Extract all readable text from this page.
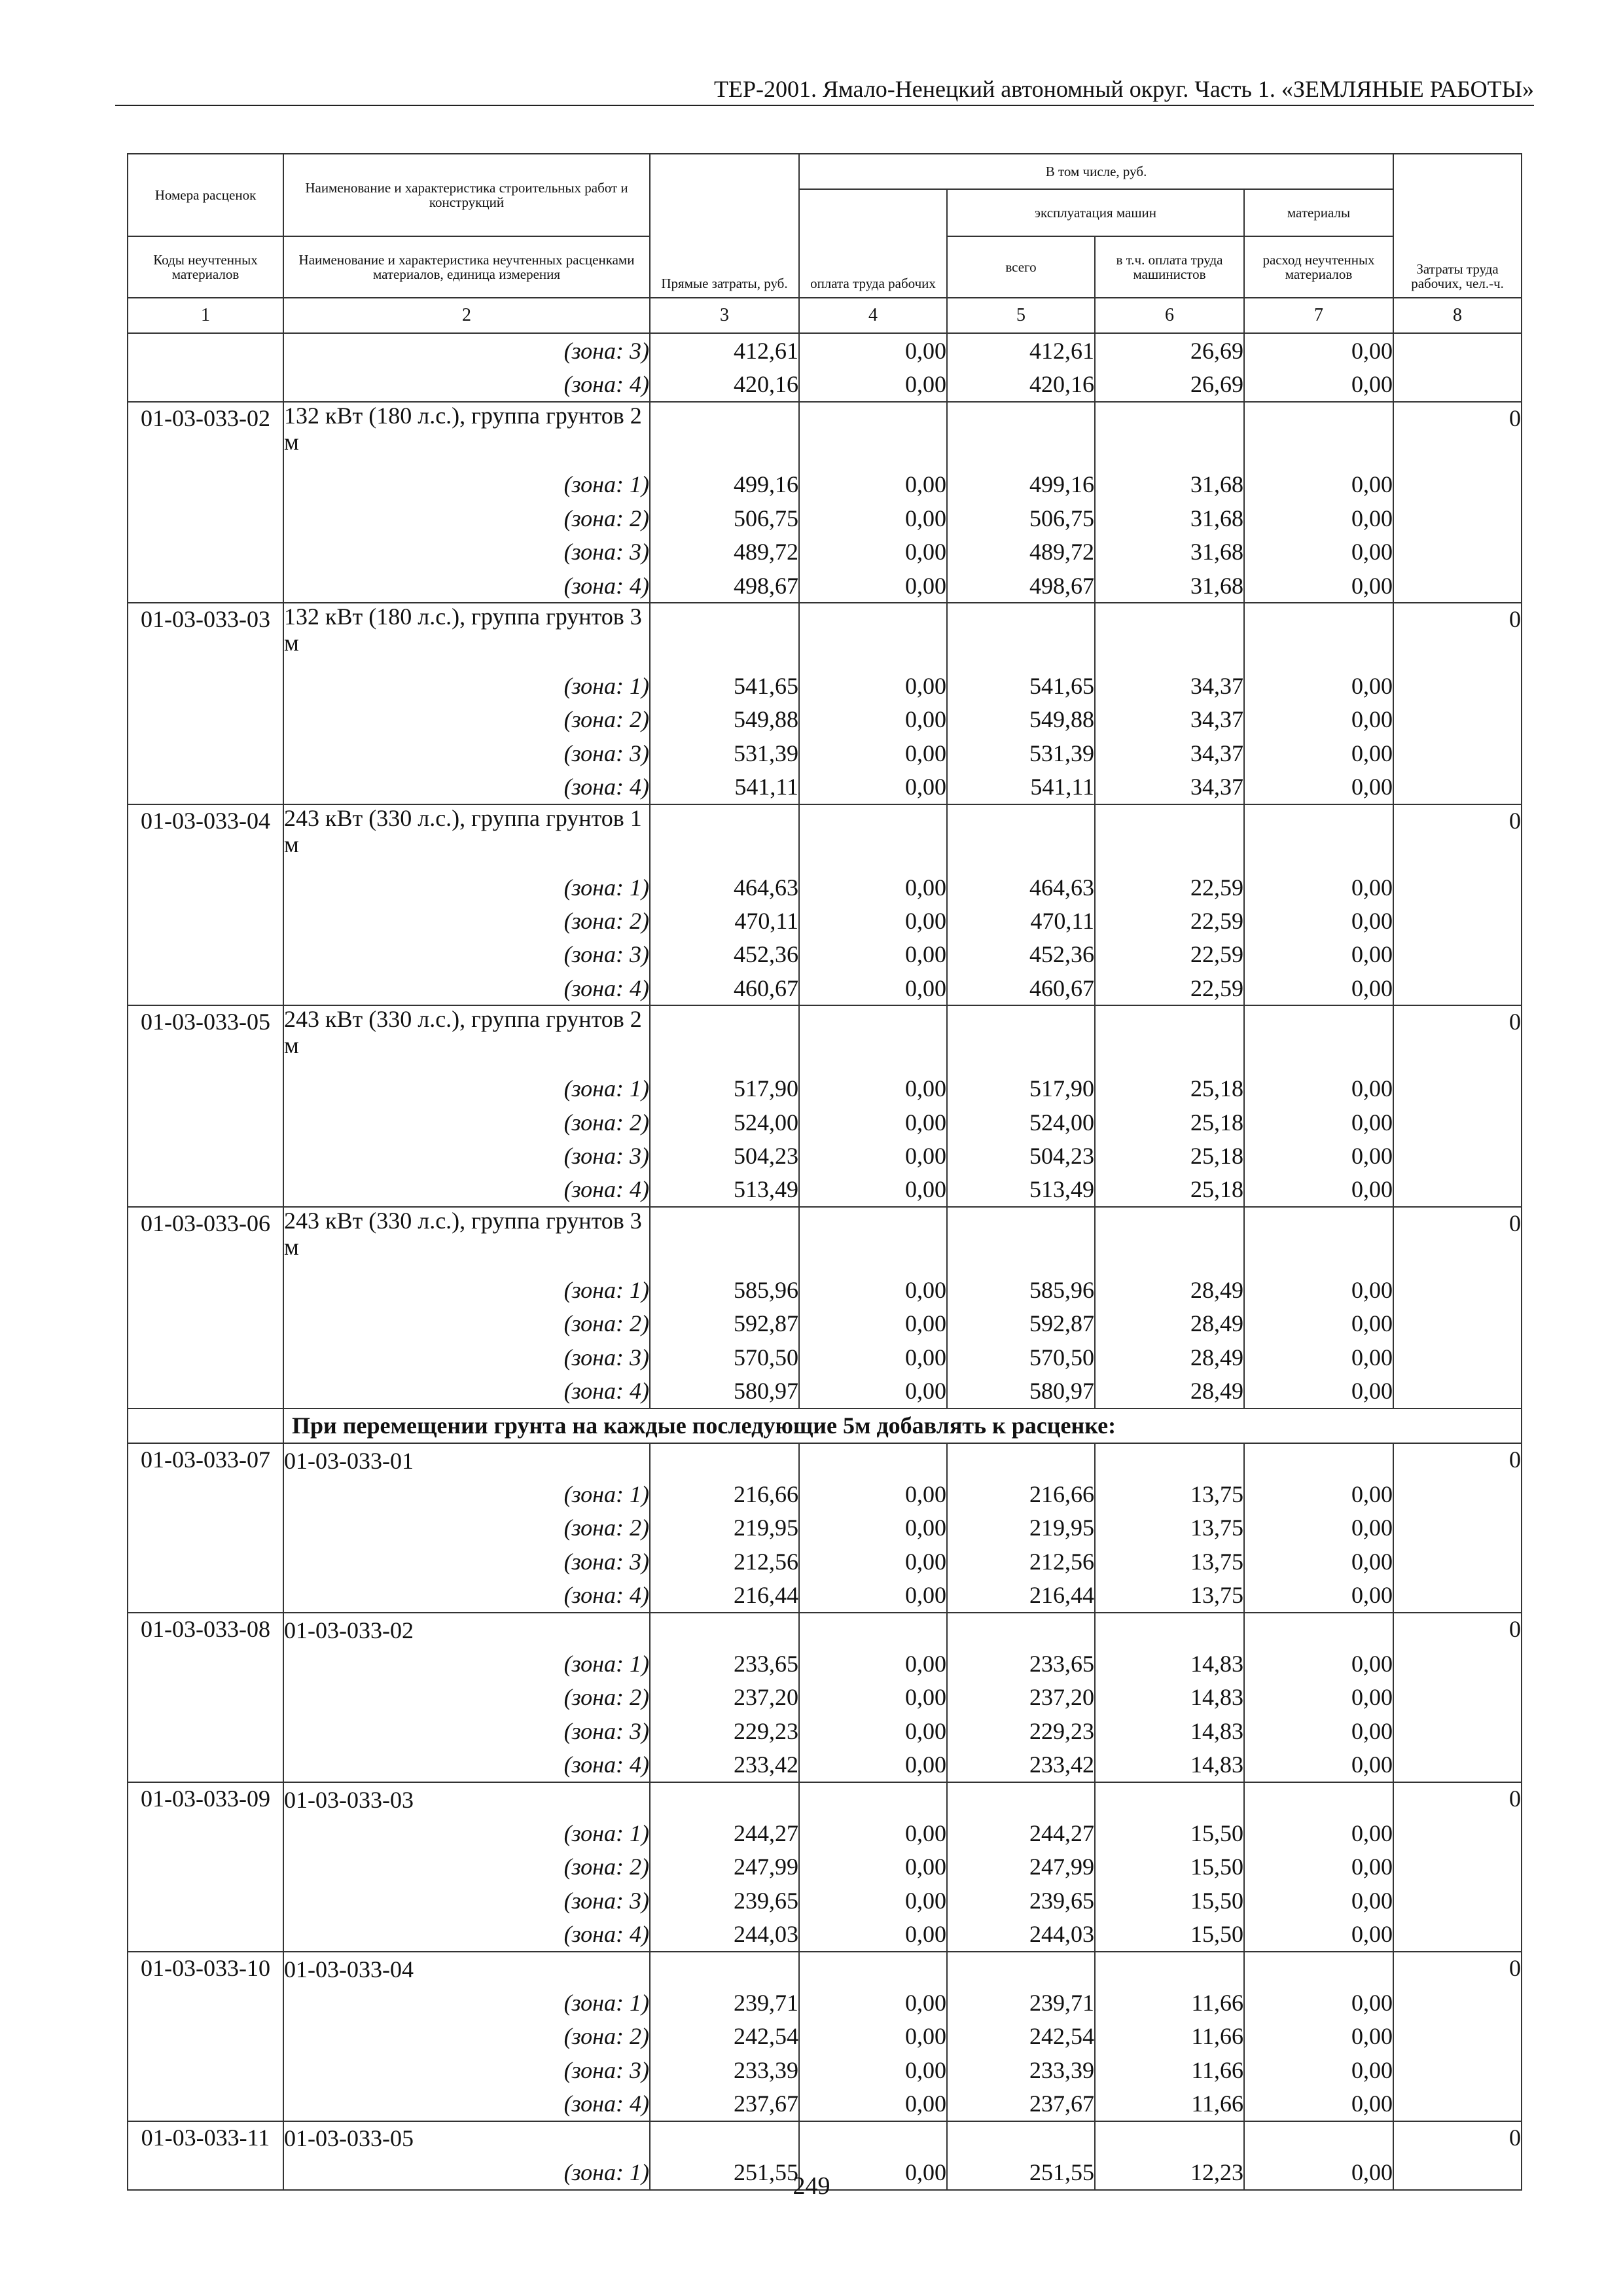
ТЕР-2001. Ямало-Ненецкий автономный округ. Часть 1. «ЗЕМЛЯНЫЕ РАБОТЫ»
Номера расценок	Наименование и характеристика строительных работ и конструкций	Прямые затраты, руб.	В том числе, руб.				Затраты труда рабочих, чел.-ч.
			оплата труда рабочих	эксплуатация машин		материалы	
Коды неучтенных материалов	Наименование и характеристика неучтенных расценками материалов, единица измерения			всего	в т.ч. оплата труда машинистов	расход неучтенных материалов	
1	2	3	4	5	6	7	8
	(зона: 3)	412,61	0,00	412,61	26,69	0,00	
	(зона: 4)	420,16	0,00	420,16	26,69	0,00	
01-03-033-02	132 кВт (180 л.с.), группа грунтов 2 м						0
	(зона: 1)	499,16	0,00	499,16	31,68	0,00	
	(зона: 2)	506,75	0,00	506,75	31,68	0,00	
	(зона: 3)	489,72	0,00	489,72	31,68	0,00	
	(зона: 4)	498,67	0,00	498,67	31,68	0,00	
01-03-033-03	132 кВт (180 л.с.), группа грунтов 3 м						0
	(зона: 1)	541,65	0,00	541,65	34,37	0,00	
	(зона: 2)	549,88	0,00	549,88	34,37	0,00	
	(зона: 3)	531,39	0,00	531,39	34,37	0,00	
	(зона: 4)	541,11	0,00	541,11	34,37	0,00	
01-03-033-04	243 кВт (330 л.с.), группа грунтов 1 м						0
	(зона: 1)	464,63	0,00	464,63	22,59	0,00	
	(зона: 2)	470,11	0,00	470,11	22,59	0,00	
	(зона: 3)	452,36	0,00	452,36	22,59	0,00	
	(зона: 4)	460,67	0,00	460,67	22,59	0,00	
01-03-033-05	243 кВт (330 л.с.), группа грунтов 2 м						0
	(зона: 1)	517,90	0,00	517,90	25,18	0,00	
	(зона: 2)	524,00	0,00	524,00	25,18	0,00	
	(зона: 3)	504,23	0,00	504,23	25,18	0,00	
	(зона: 4)	513,49	0,00	513,49	25,18	0,00	
01-03-033-06	243 кВт (330 л.с.), группа грунтов 3 м						0
	(зона: 1)	585,96	0,00	585,96	28,49	0,00	
	(зона: 2)	592,87	0,00	592,87	28,49	0,00	
	(зона: 3)	570,50	0,00	570,50	28,49	0,00	
	(зона: 4)	580,97	0,00	580,97	28,49	0,00	
	При перемещении грунта на каждые последующие 5м добавлять к расценке:						
01-03-033-07	01-03-033-01						0
	(зона: 1)	216,66	0,00	216,66	13,75	0,00	
	(зона: 2)	219,95	0,00	219,95	13,75	0,00	
	(зона: 3)	212,56	0,00	212,56	13,75	0,00	
	(зона: 4)	216,44	0,00	216,44	13,75	0,00	
01-03-033-08	01-03-033-02						0
	(зона: 1)	233,65	0,00	233,65	14,83	0,00	
	(зона: 2)	237,20	0,00	237,20	14,83	0,00	
	(зона: 3)	229,23	0,00	229,23	14,83	0,00	
	(зона: 4)	233,42	0,00	233,42	14,83	0,00	
01-03-033-09	01-03-033-03						0
	(зона: 1)	244,27	0,00	244,27	15,50	0,00	
	(зона: 2)	247,99	0,00	247,99	15,50	0,00	
	(зона: 3)	239,65	0,00	239,65	15,50	0,00	
	(зона: 4)	244,03	0,00	244,03	15,50	0,00	
01-03-033-10	01-03-033-04						0
	(зона: 1)	239,71	0,00	239,71	11,66	0,00	
	(зона: 2)	242,54	0,00	242,54	11,66	0,00	
	(зона: 3)	233,39	0,00	233,39	11,66	0,00	
	(зона: 4)	237,67	0,00	237,67	11,66	0,00	
01-03-033-11	01-03-033-05						0
	(зона: 1)	251,55	0,00	251,55	12,23	0,00	
249
